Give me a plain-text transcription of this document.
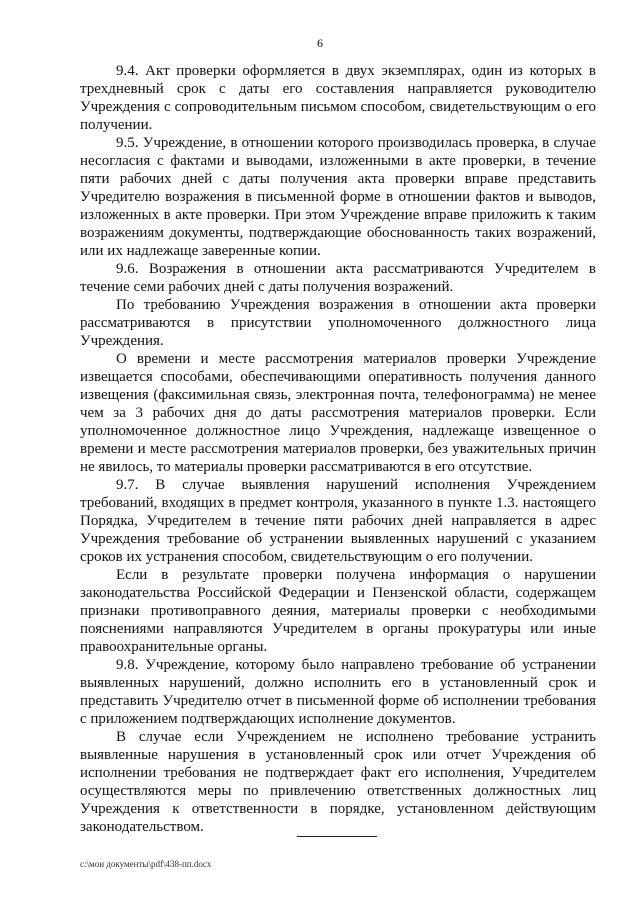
6

9.4. Акт проверки оформляется в двух экземплярах, один из которых в трехдневный срок с даты его составления направляется руководителю Учреждения с сопроводительным письмом способом, свидетельствующим о его получении.

9.5. Учреждение, в отношении которого производилась проверка, в случае несогласия с фактами и выводами, изложенными в акте проверки, в течение пяти рабочих дней с даты получения акта проверки вправе представить Учредителю возражения в письменной форме в отношении фактов и выводов, изложенных в акте проверки. При этом Учреждение вправе приложить к таким возражениям документы, подтверждающие обоснованность таких возражений, или их надлежаще заверенные копии.

9.6. Возражения в отношении акта рассматриваются Учредителем в течение семи рабочих дней с даты получения возражений.

По требованию Учреждения возражения в отношении акта проверки рассматриваются в присутствии уполномоченного должностного лица Учреждения.

О времени и месте рассмотрения материалов проверки Учреждение извещается способами, обеспечивающими оперативность получения данного извещения (факсимильная связь, электронная почта, телефонограмма) не менее чем за 3 рабочих дня до даты рассмотрения материалов проверки. Если уполномоченное должностное лицо Учреждения, надлежаще извещенное о времени и месте рассмотрения материалов проверки, без уважительных причин не явилось, то материалы проверки рассматриваются в его отсутствие.

9.7. В случае выявления нарушений исполнения Учреждением требований, входящих в предмет контроля, указанного в пункте 1.3. настоящего Порядка, Учредителем в течение пяти рабочих дней направляется в адрес Учреждения требование об устранении выявленных нарушений с указанием сроков их устранения способом, свидетельствующим о его получении.

Если в результате проверки получена информация о нарушении законодательства Российской Федерации и Пензенской области, содержащем признаки противоправного деяния, материалы проверки с необходимыми пояснениями направляются Учредителем в органы прокуратуры или иные правоохранительные органы.

9.8. Учреждение, которому было направлено требование об устранении выявленных нарушений, должно исполнить его в установленный срок и представить Учредителю отчет в письменной форме об исполнении требования с приложением подтверждающих исполнение документов.

В случае если Учреждением не исполнено требование устранить выявленные нарушения в установленный срок или отчет Учреждения об исполнении требования не подтверждает факт его исполнения, Учредителем осуществляются меры по привлечению ответственных должностных лиц Учреждения к ответственности в порядке, установленном действующим законодательством.

c:\мои документы\pdf\438-пп.docx
